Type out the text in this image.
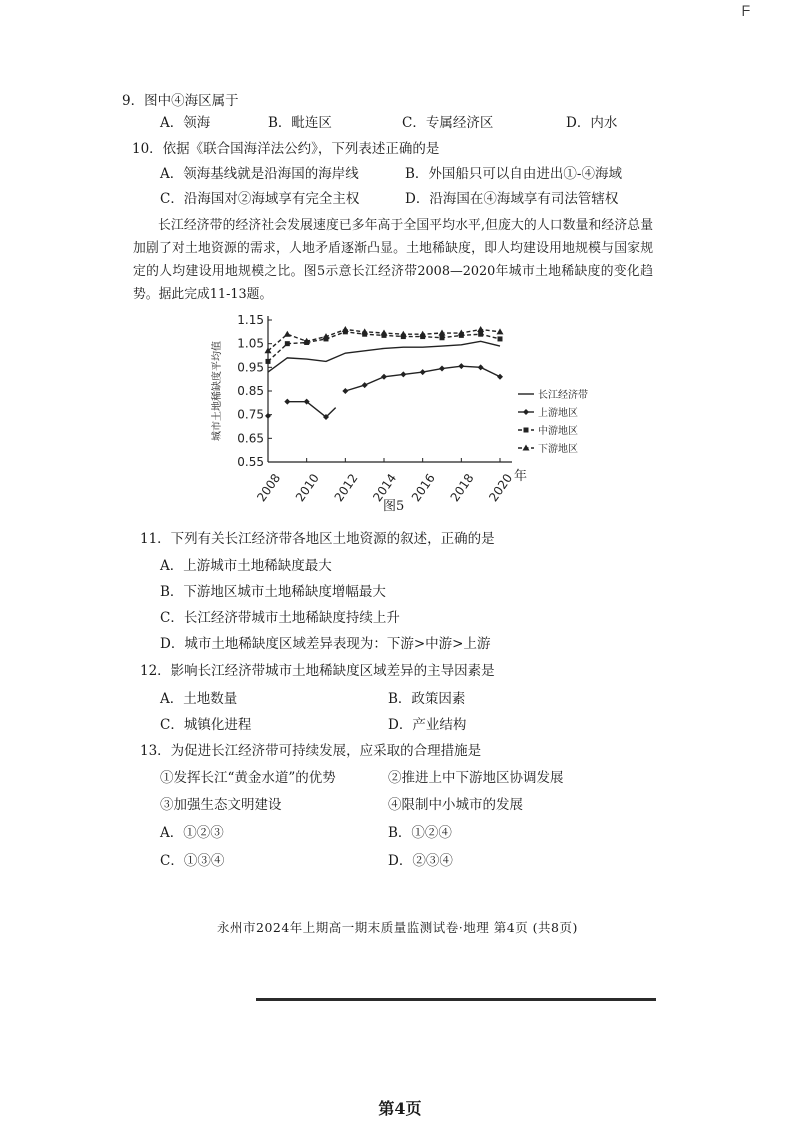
ᖴ
9．图中④海区属于
A．领海	B．毗连区	C．专属经济区	D．内水
10．依据《联合国海洋法公约》，下列表述正确的是
A．领海基线就是沿海国的海岸线	B．外国船只可以自由进出①-④海域
C．沿海国对②海域享有完全主权	D．沿海国在④海域享有司法管辖权
长江经济带的经济社会发展速度已多年高于全国平均水平,但庞大的人口数量和经济总量加剧了对土地资源的需求，人地矛盾逐渐凸显。土地稀缺度，即人均建设用地规模与国家规定的人均建设用地规模之比。图5示意长江经济带2008—2020年城市土地稀缺度的变化趋势。据此完成11-13题。
1.15
1.05
0.95
0.85
0.75
0.65
0.55
2008 2010 2012 2014 2016 2018 2020
年
城市土地稀缺度平均值	长江经济带
上游地区
中游地区
下游地区
图5
11．下列有关长江经济带各地区土地资源的叙述，正确的是
A．上游城市土地稀缺度最大
B．下游地区城市土地稀缺度增幅最大
C．长江经济带城市土地稀缺度持续上升
D．城市土地稀缺度区域差异表现为：下游>中游>上游
12．影响长江经济带城市土地稀缺度区域差异的主导因素是
A．土地数量	B．政策因素
C．城镇化进程	D．产业结构
13．为促进长江经济带可持续发展，应采取的合理措施是
①发挥长江“黄金水道”的优势	②推进上中下游地区协调发展
③加强生态文明建设	④限制中小城市的发展
A．①②③	B．①②④
C．①③④	D．②③④
永州市2024年上期高一期末质量监测试卷·地理 第4页 (共8页)
第4页
